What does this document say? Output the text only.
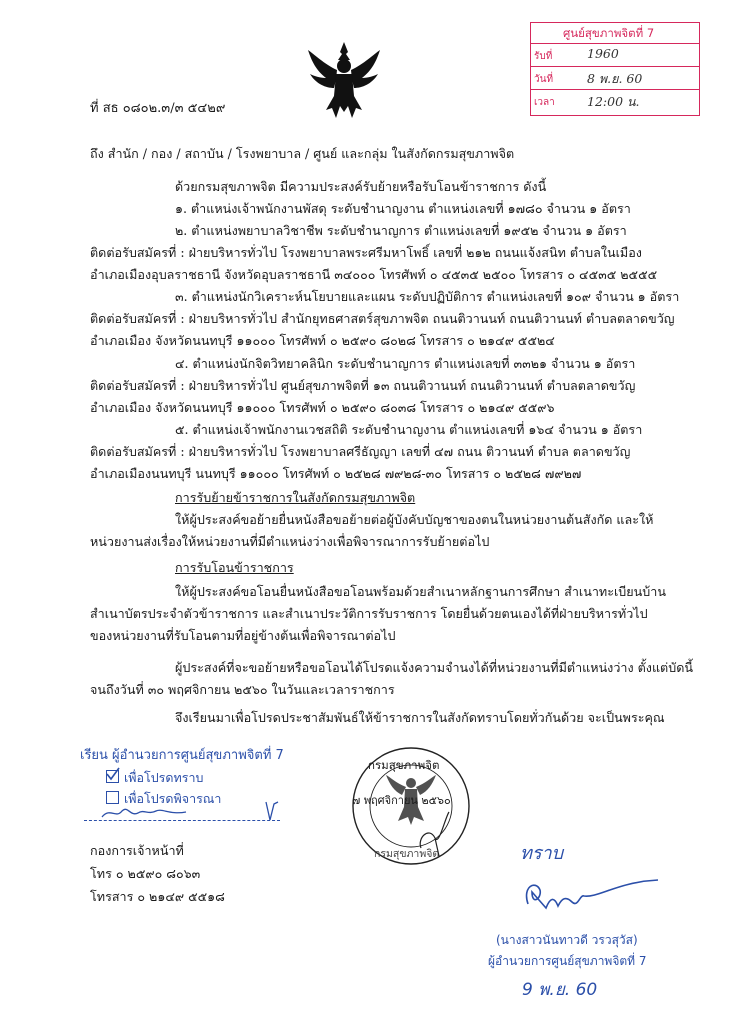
ศูนย์สุขภาพจิตที่ 7
รับที่	1960
วันที่	8 พ.ย. 60
เวลา	12:00 น.
ที่ สธ ๐๘๐๒.๓/๓ ๕๔๒๙
ถึง สำนัก / กอง / สถาบัน / โรงพยาบาล / ศูนย์ และกลุ่ม ในสังกัดกรมสุขภาพจิต
ด้วยกรมสุขภาพจิต มีความประสงค์รับย้ายหรือรับโอนข้าราชการ ดังนี้
๑. ตำแหน่งเจ้าพนักงานพัสดุ ระดับชำนาญงาน ตำแหน่งเลขที่ ๑๗๘๐ จำนวน ๑ อัตรา
๒. ตำแหน่งพยาบาลวิชาชีพ ระดับชำนาญการ ตำแหน่งเลขที่ ๑๙๕๒ จำนวน ๑ อัตรา
ติดต่อรับสมัครที่ : ฝ่ายบริหารทั่วไป โรงพยาบาลพระศรีมหาโพธิ์ เลขที่ ๒๑๒ ถนนแจ้งสนิท ตำบลในเมือง
อำเภอเมืองอุบลราชธานี จังหวัดอุบลราชธานี ๓๔๐๐๐ โทรศัพท์ ๐ ๔๕๓๕ ๒๕๐๐ โทรสาร ๐ ๔๕๓๕ ๒๕๕๕
๓. ตำแหน่งนักวิเคราะห์นโยบายและแผน ระดับปฏิบัติการ ตำแหน่งเลขที่ ๑๐๙ จำนวน ๑ อัตรา
ติดต่อรับสมัครที่ : ฝ่ายบริหารทั่วไป สำนักยุทธศาสตร์สุขภาพจิต ถนนติวานนท์ ถนนติวานนท์ ตำบลตลาดขวัญ
อำเภอเมือง จังหวัดนนทบุรี ๑๑๐๐๐ โทรศัพท์ ๐ ๒๕๙๐ ๘๐๒๘ โทรสาร ๐ ๒๑๔๙ ๕๕๒๔
๔. ตำแหน่งนักจิตวิทยาคลินิก ระดับชำนาญการ ตำแหน่งเลขที่ ๓๓๒๑ จำนวน ๑ อัตรา
ติดต่อรับสมัครที่ : ฝ่ายบริหารทั่วไป ศูนย์สุขภาพจิตที่ ๑๓ ถนนติวานนท์ ถนนติวานนท์ ตำบลตลาดขวัญ
อำเภอเมือง จังหวัดนนทบุรี ๑๑๐๐๐ โทรศัพท์ ๐ ๒๕๙๐ ๘๐๓๘ โทรสาร ๐ ๒๑๔๙ ๕๕๙๖
๕. ตำแหน่งเจ้าพนักงานเวชสถิติ ระดับชำนาญงาน ตำแหน่งเลขที่ ๑๖๔ จำนวน ๑ อัตรา
ติดต่อรับสมัครที่ : ฝ่ายบริหารทั่วไป โรงพยาบาลศรีธัญญา เลขที่ ๔๗ ถนน ติวานนท์ ตำบล ตลาดขวัญ
อำเภอเมืองนนทบุรี นนทบุรี ๑๑๐๐๐ โทรศัพท์ ๐ ๒๕๒๘ ๗๙๒๘-๓๐ โทรสาร ๐ ๒๕๒๘ ๗๙๒๗
การรับย้ายข้าราชการในสังกัดกรมสุขภาพจิต
ให้ผู้ประสงค์ขอย้ายยื่นหนังสือขอย้ายต่อผู้บังคับบัญชาของตนในหน่วยงานต้นสังกัด และให้
หน่วยงานส่งเรื่องให้หน่วยงานที่มีตำแหน่งว่างเพื่อพิจารณาการรับย้ายต่อไป
การรับโอนข้าราชการ
ให้ผู้ประสงค์ขอโอนยื่นหนังสือขอโอนพร้อมด้วยสำเนาหลักฐานการศึกษา สำเนาทะเบียนบ้าน
สำเนาบัตรประจำตัวข้าราชการ และสำเนาประวัติการรับราชการ โดยยื่นด้วยตนเองได้ที่ฝ่ายบริหารทั่วไป
ของหน่วยงานที่รับโอนตามที่อยู่ข้างต้นเพื่อพิจารณาต่อไป
ผู้ประสงค์ที่จะขอย้ายหรือขอโอนได้โปรดแจ้งความจำนงได้ที่หน่วยงานที่มีตำแหน่งว่าง ตั้งแต่บัดนี้
จนถึงวันที่ ๓๐ พฤศจิกายน ๒๕๖๐ ในวันและเวลาราชการ
จึงเรียนมาเพื่อโปรดประชาสัมพันธ์ให้ข้าราชการในสังกัดทราบโดยทั่วกันด้วย จะเป็นพระคุณ
เรียน ผู้อำนวยการศูนย์สุขภาพจิตที่ 7
เพื่อโปรดทราบ
เพื่อโปรดพิจารณา
กรมสุขภาพจิต
๗ พฤศจิกายน ๒๕๖๐
กรมสุขภาพจิต
กองการเจ้าหน้าที่
โทร ๐ ๒๕๙๐ ๘๐๖๓
โทรสาร ๐ ๒๑๔๙ ๕๕๑๘
ทราบ
(นางสาวนันทาวดี วรวสุวัส)
ผู้อำนวยการศูนย์สุขภาพจิตที่ 7
9 พ.ย. 60
